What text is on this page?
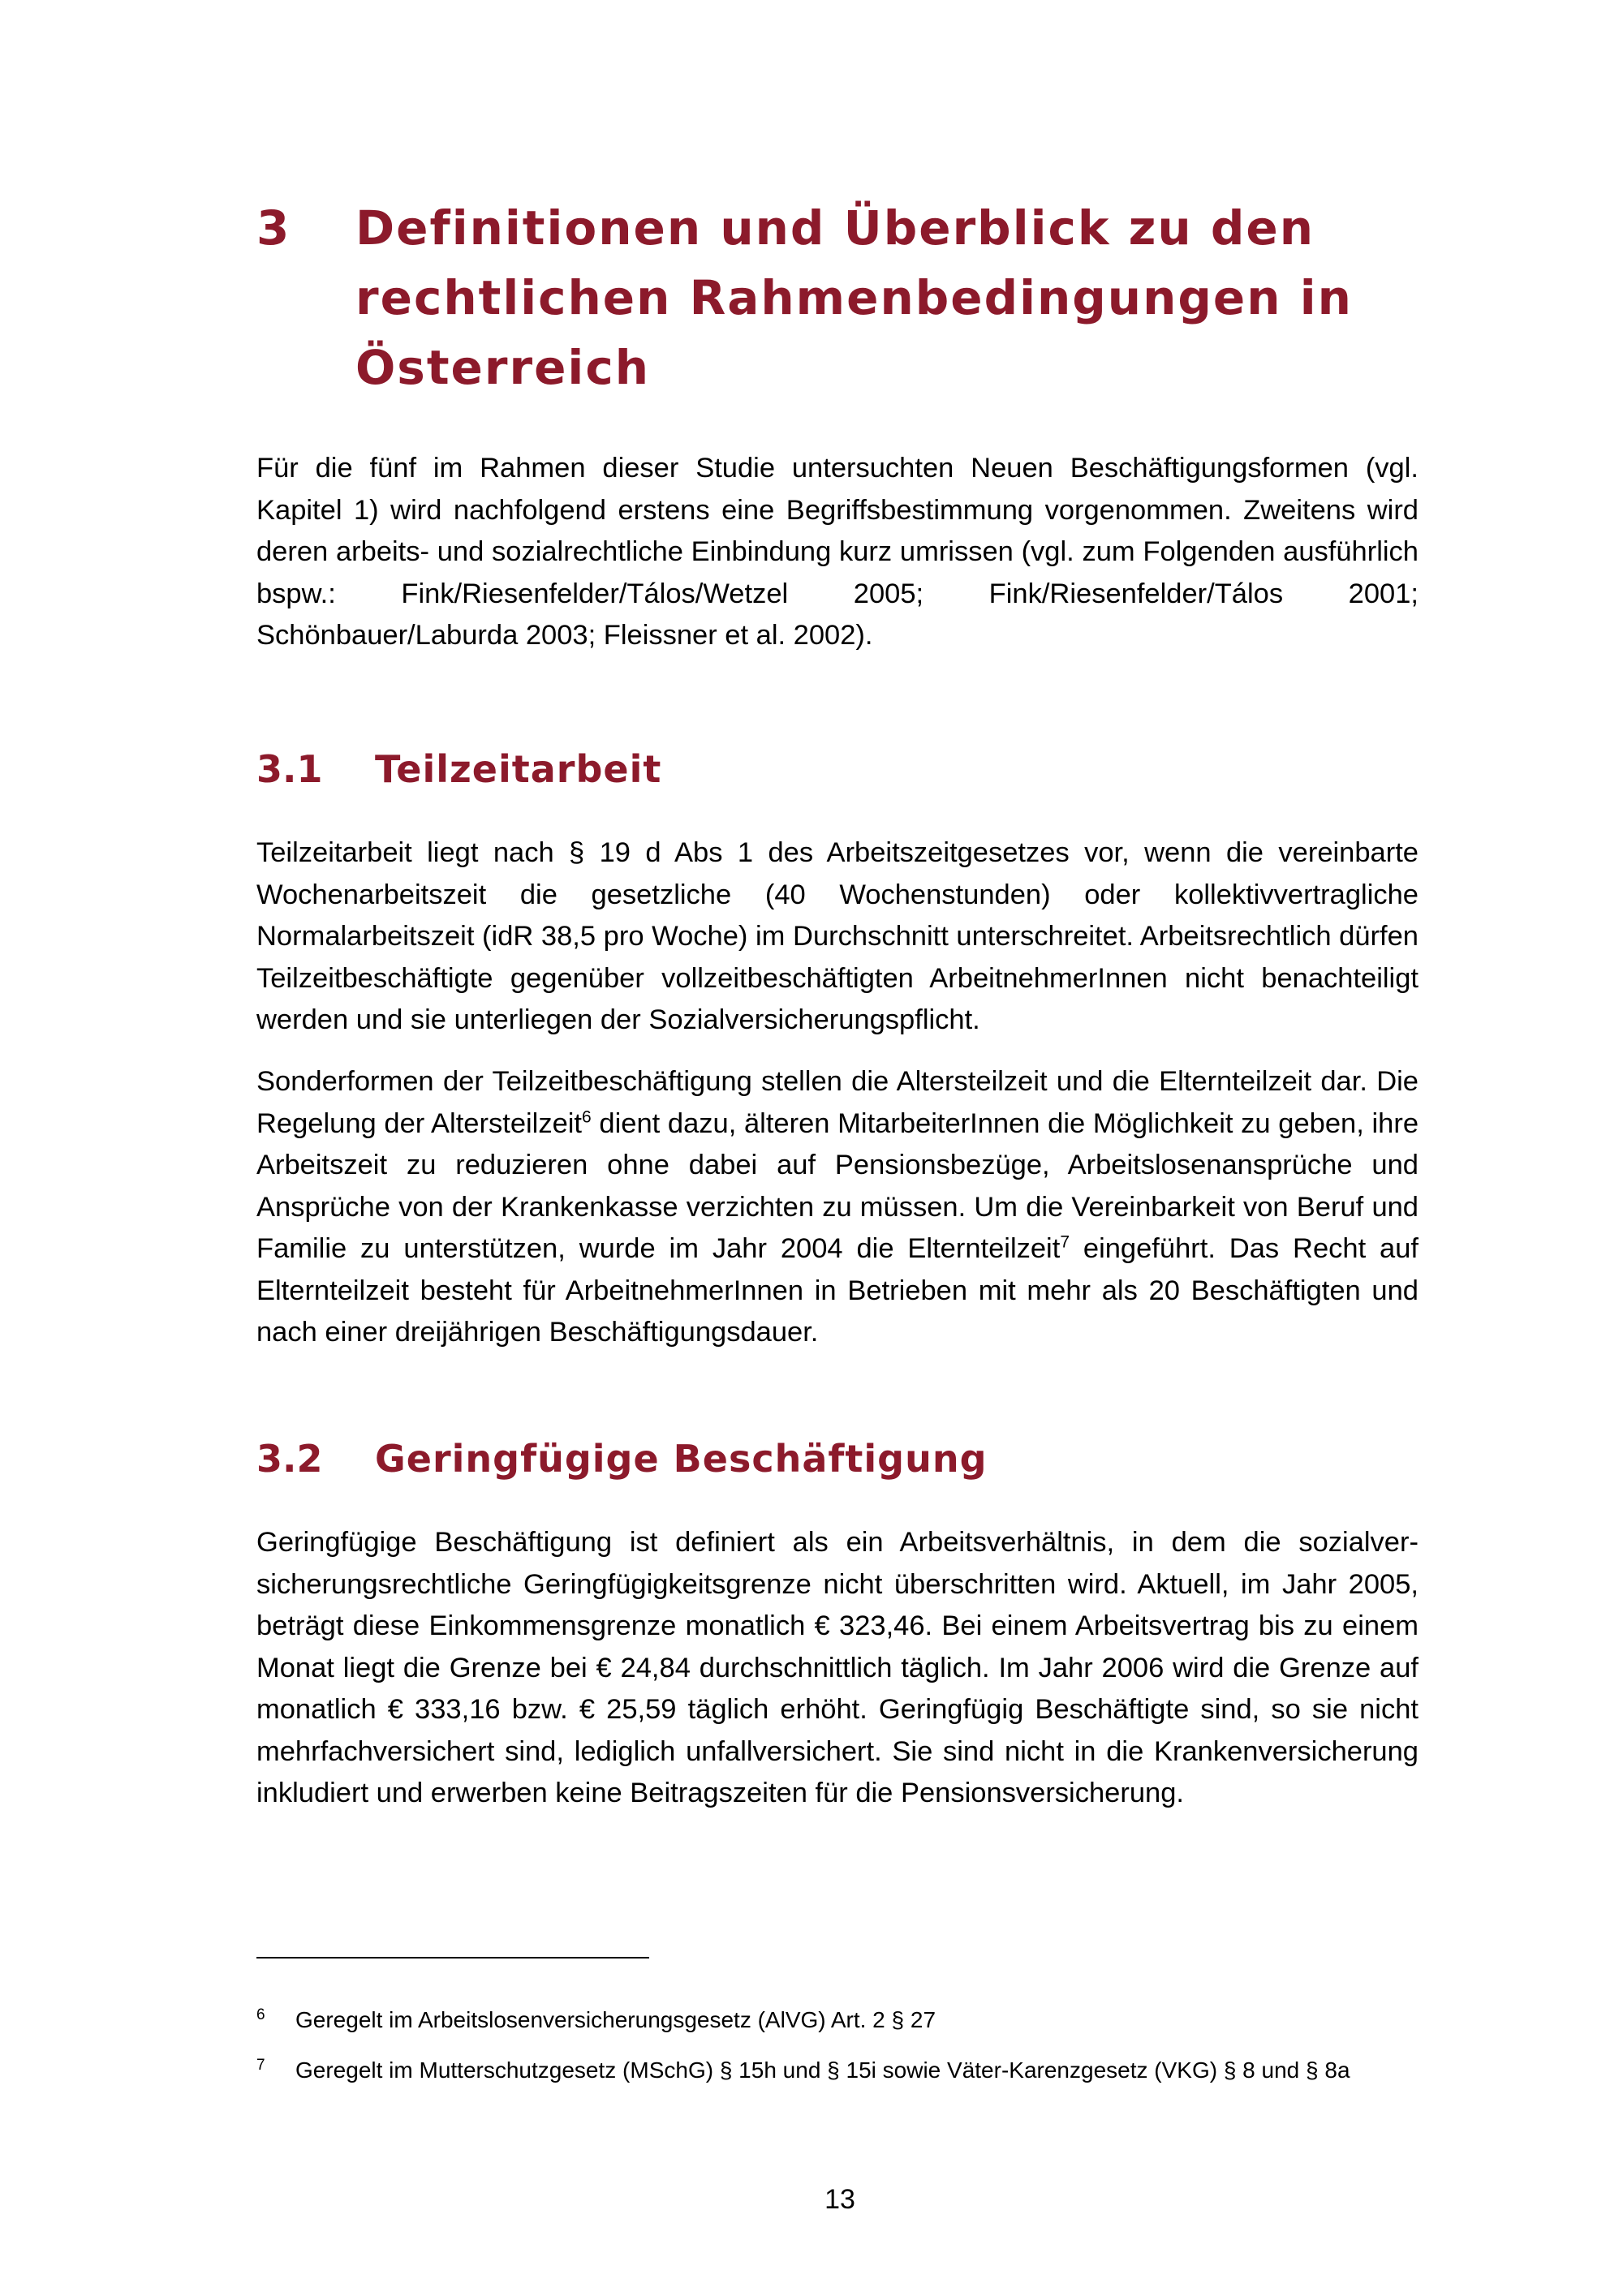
3 Definitionen und Überblick zu den rechtlichen Rahmenbedingungen in Österreich

Für die fünf im Rahmen dieser Studie untersuchten Neuen Beschäftigungsformen (vgl. Kapitel 1) wird nachfolgend erstens eine Begriffsbestimmung vorgenommen. Zweitens wird deren arbeits- und sozialrechtliche Einbindung kurz umrissen (vgl. zum Folgenden ausführlich bspw.: Fink/Riesenfelder/Tálos/Wetzel 2005; Fink/Riesenfelder/Tálos 2001; Schönbauer/Laburda 2003; Fleissner et al. 2002).

3.1 Teilzeitarbeit

Teilzeitarbeit liegt nach § 19 d Abs 1 des Arbeitszeitgesetzes vor, wenn die vereinbarte Wochenarbeitszeit die gesetzliche (40 Wochenstunden) oder kollektivvertragliche Normalarbeitszeit (idR 38,5 pro Woche) im Durchschnitt unterschreitet. Arbeitsrechtlich dürfen Teilzeitbeschäftigte gegenüber vollzeitbeschäftigten ArbeitnehmerInnen nicht benachteiligt werden und sie unterliegen der Sozialversicherungspflicht.

Sonderformen der Teilzeitbeschäftigung stellen die Altersteilzeit und die Elternteilzeit dar. Die Regelung der Altersteilzeit$^6$ dient dazu, älteren MitarbeiterInnen die Möglichkeit zu geben, ihre Arbeitszeit zu reduzieren ohne dabei auf Pensionsbezüge, Arbeitslosenansprüche und Ansprüche von der Krankenkasse verzichten zu müssen. Um die Vereinbarkeit von Beruf und Familie zu unterstützen, wurde im Jahr 2004 die Elternteilzeit$^7$ eingeführt. Das Recht auf Elternteilzeit besteht für ArbeitnehmerInnen in Betrieben mit mehr als 20 Beschäftigten und nach einer dreijährigen Beschäftigungsdauer.

3.2 Geringfügige Beschäftigung

Geringfügige Beschäftigung ist definiert als ein Arbeitsverhältnis, in dem die sozialversicherungsrechtliche Geringfügigkeitsgrenze nicht überschritten wird. Aktuell, im Jahr 2005, beträgt diese Einkommensgrenze monatlich € 323,46. Bei einem Arbeitsvertrag bis zu einem Monat liegt die Grenze bei € 24,84 durchschnittlich täglich. Im Jahr 2006 wird die Grenze auf monatlich € 333,16 bzw. € 25,59 täglich erhöht. Geringfügig Beschäftigte sind, so sie nicht mehrfachversichert sind, lediglich unfallversichert. Sie sind nicht in die Krankenversicherung inkludiert und erwerben keine Beitragszeiten für die Pensionsversicherung.

6 Geregelt im Arbeitslosenversicherungsgesetz (AlVG) Art. 2 § 27
7 Geregelt im Mutterschutzgesetz (MSchG) § 15h und § 15i sowie Väter-Karenzgesetz (VKG) § 8 und § 8a
13
